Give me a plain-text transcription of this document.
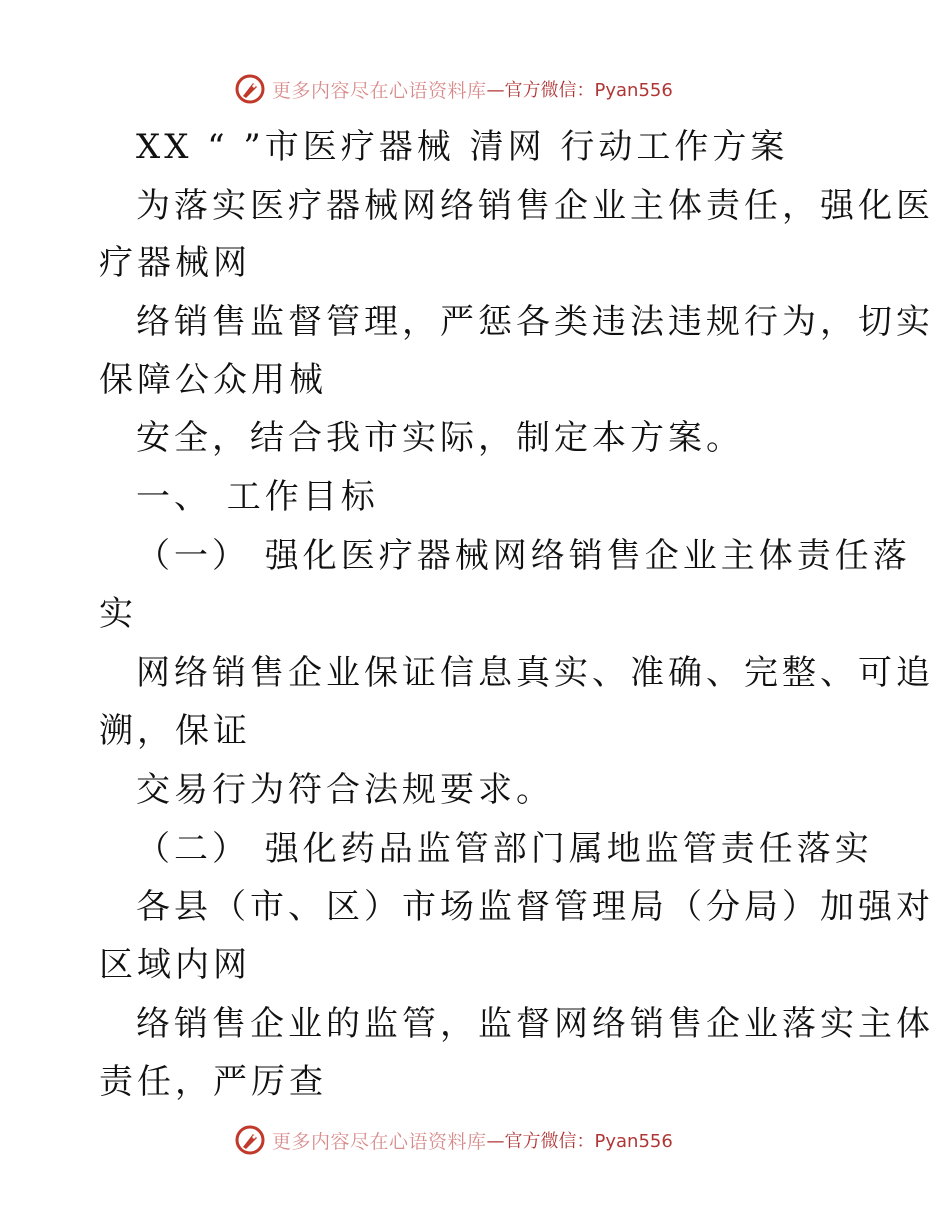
更多内容尽在心语资料库 —官方微信：Pyan556
XX “ ”市医疗器械 清网 行动工作方案
为落实医疗器械网络销售企业主体责任，强化医
疗器械网
络销售监督管理，严惩各类违法违规行为，切实
保障公众用械
安全，结合我市实际，制定本方案。
一、 工作目标
（一） 强化医疗器械网络销售企业主体责任落
实
网络销售企业保证信息真实、准确、完整、可追
溯，保证
交易行为符合法规要求。
（二） 强化药品监管部门属地监管责任落实
各县（市、区）市场监督管理局（分局）加强对
区域内网
络销售企业的监管，监督网络销售企业落实主体
责任，严厉查
更多内容尽在心语资料库 —官方微信：Pyan556
